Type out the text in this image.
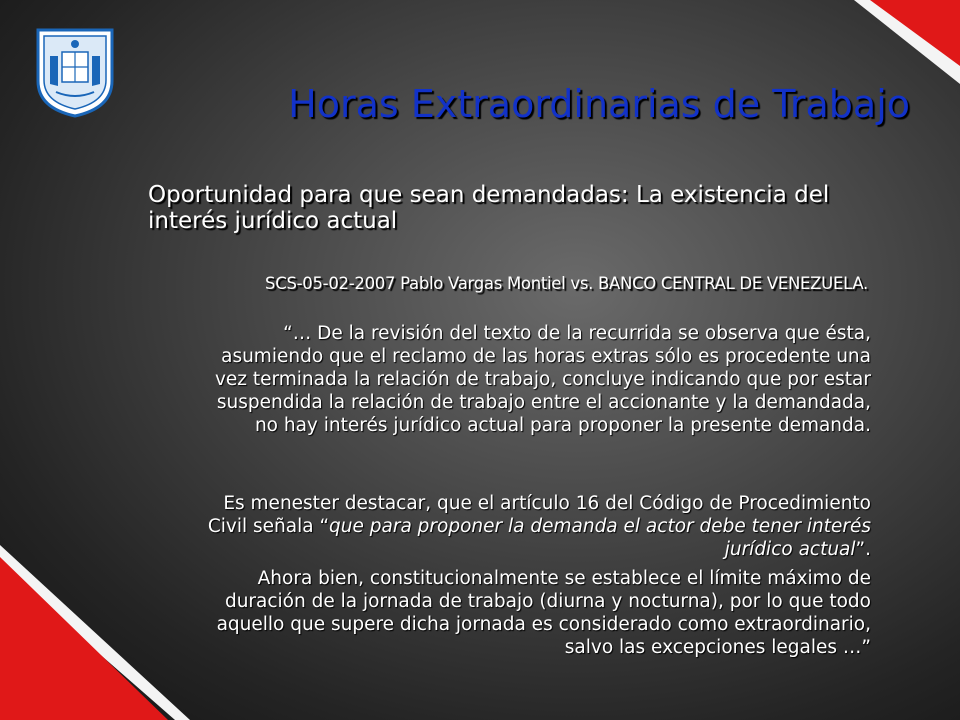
Horas Extraordinarias de Trabajo
Oportunidad para que sean demandadas: La existencia del interés jurídico actual
SCS-05-02-2007 Pablo Vargas Montiel vs. BANCO CENTRAL DE VENEZUELA.
“… De la revisión del texto de la recurrida se observa que ésta, asumiendo que el reclamo de las horas extras sólo es procedente una vez terminada la relación de trabajo, concluye indicando que por estar suspendida la relación de trabajo entre el accionante y la demandada, no hay interés jurídico actual para proponer la presente demanda.
Es menester destacar, que el artículo 16 del Código de Procedimiento Civil señala “que para proponer la demanda el actor debe tener interés jurídico actual”.
Ahora bien, constitucionalmente se establece el límite máximo de duración de la jornada de trabajo (diurna y nocturna), por lo que todo aquello que supere dicha jornada es considerado como extraordinario, salvo las excepciones legales …”
